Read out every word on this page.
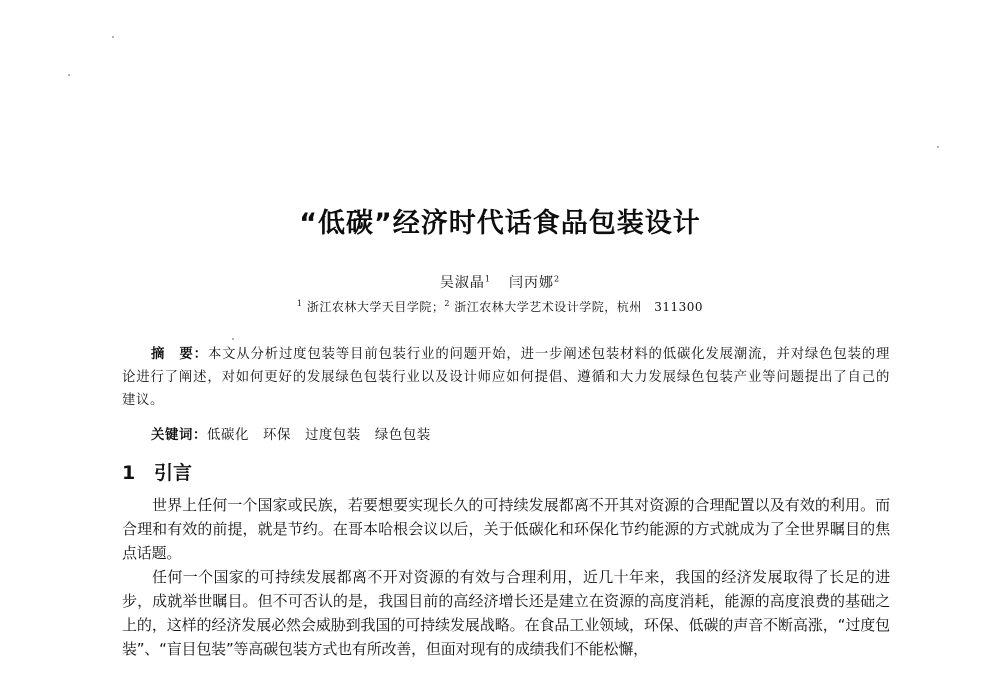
“低碳”经济时代话食品包装设计
吴淑晶$^1$ 闫丙娜$^2$
$^1$ 浙江农林大学天目学院；$^2$ 浙江农林大学艺术设计学院，杭州　311300
摘　要：本文从分析过度包装等目前包装行业的问题开始，进一步阐述包装材料的低碳化发展潮流，并对绿色包装的理论进行了阐述，对如何更好的发展绿色包装行业以及设计师应如何提倡、遵循和大力发展绿色包装产业等问题提出了自己的建议。
关键词：低碳化 环保 过度包装 绿色包装
1 引言

世界上任何一个国家或民族，若要想要实现长久的可持续发展都离不开其对资源的合理配置以及有效的利用。而合理和有效的前提，就是节约。在哥本哈根会议以后，关于低碳化和环保化节约能源的方式就成为了全世界瞩目的焦点话题。

任何一个国家的可持续发展都离不开对资源的有效与合理利用，近几十年来，我国的经济发展取得了长足的进步，成就举世瞩目。但不可否认的是，我国目前的高经济增长还是建立在资源的高度消耗，能源的高度浪费的基础之上的，这样的经济发展必然会威胁到我国的可持续发展战略。在食品工业领域，环保、低碳的声音不断高涨，“过度包装”、“盲目包装”等高碳包装方式也有所改善，但面对现有的成绩我们不能松懈，
